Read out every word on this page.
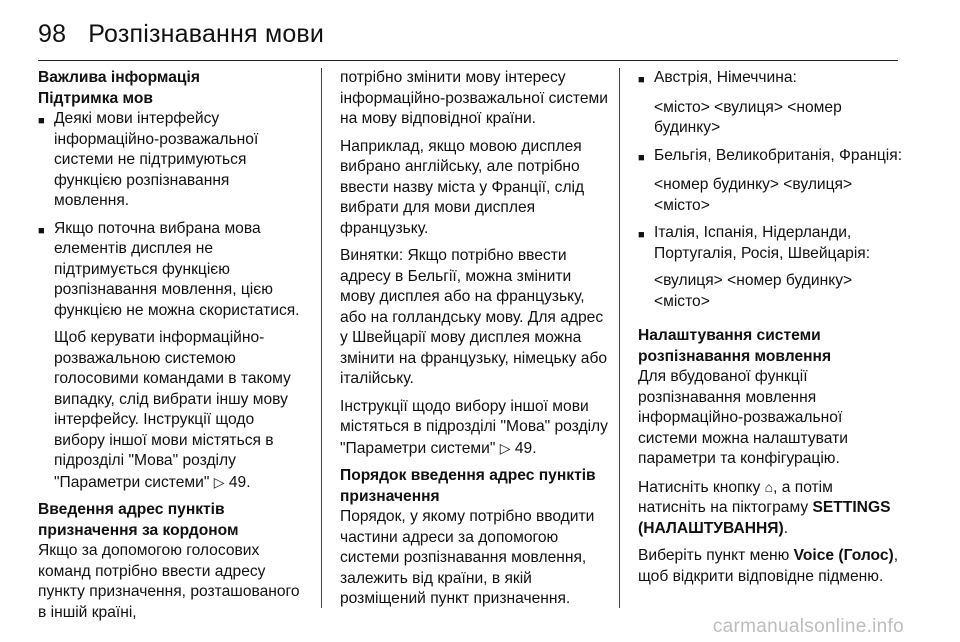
98 Розпізнавання мови
Важлива інформація
Підтримка мов
■ Деякі мови інтерфейсу інформаційно-розважальної системи не підтримуються функцією розпізнавання мовлення.
■ Якщо поточна вибрана мова елементів дисплея не підтримується функцією розпізнавання мовлення, цією функцією не можна скористатися.
Щоб керувати інформаційно-розважальною системою голосовими командами в такому випадку, слід вибрати іншу мову інтерфейсу. Інструкції щодо вибору іншої мови містяться в підрозділі "Мова" розділу "Параметри системи" ▷ 49.
Введення адрес пунктів призначення за кордоном
Якщо за допомогою голосових команд потрібно ввести адресу пункту призначення, розташованого в іншій країні,
потрібно змінити мову інтересу інформаційно-розважальної системи на мову відповідної країни.
Наприклад, якщо мовою дисплея вибрано англійську, але потрібно ввести назву міста у Франції, слід вибрати для мови дисплея французьку.
Винятки: Якщо потрібно ввести адресу в Бельгії, можна змінити мову дисплея або на французьку, або на голландську мову. Для адрес у Швейцарії мову дисплея можна змінити на французьку, німецьку або італійську.
Інструкції щодо вибору іншої мови містяться в підрозділі "Мова" розділу "Параметри системи" ▷ 49.
Порядок введення адрес пунктів призначення
Порядок, у якому потрібно вводити частини адреси за допомогою системи розпізнавання мовлення, залежить від країни, в якій розміщений пункт призначення.
■ Австрія, Німеччина:
<місто> <вулиця> <номер будинку>
■ Бельгія, Великобританія, Франція:
<номер будинку> <вулиця> <місто>
■ Італія, Іспанія, Нідерланди, Португалія, Росія, Швейцарія:
<вулиця> <номер будинку> <місто>
Налаштування системи розпізнавання мовлення
Для вбудованої функції розпізнавання мовлення інформаційно-розважальної системи можна налаштувати параметри та конфігурацію.
Натисніть кнопку ⌂, а потім натисніть на піктограму SETTINGS (НАЛАШТУВАННЯ).
Виберіть пункт меню Voice (Голос), щоб відкрити відповідне підменю.
carmanualsonline.info
